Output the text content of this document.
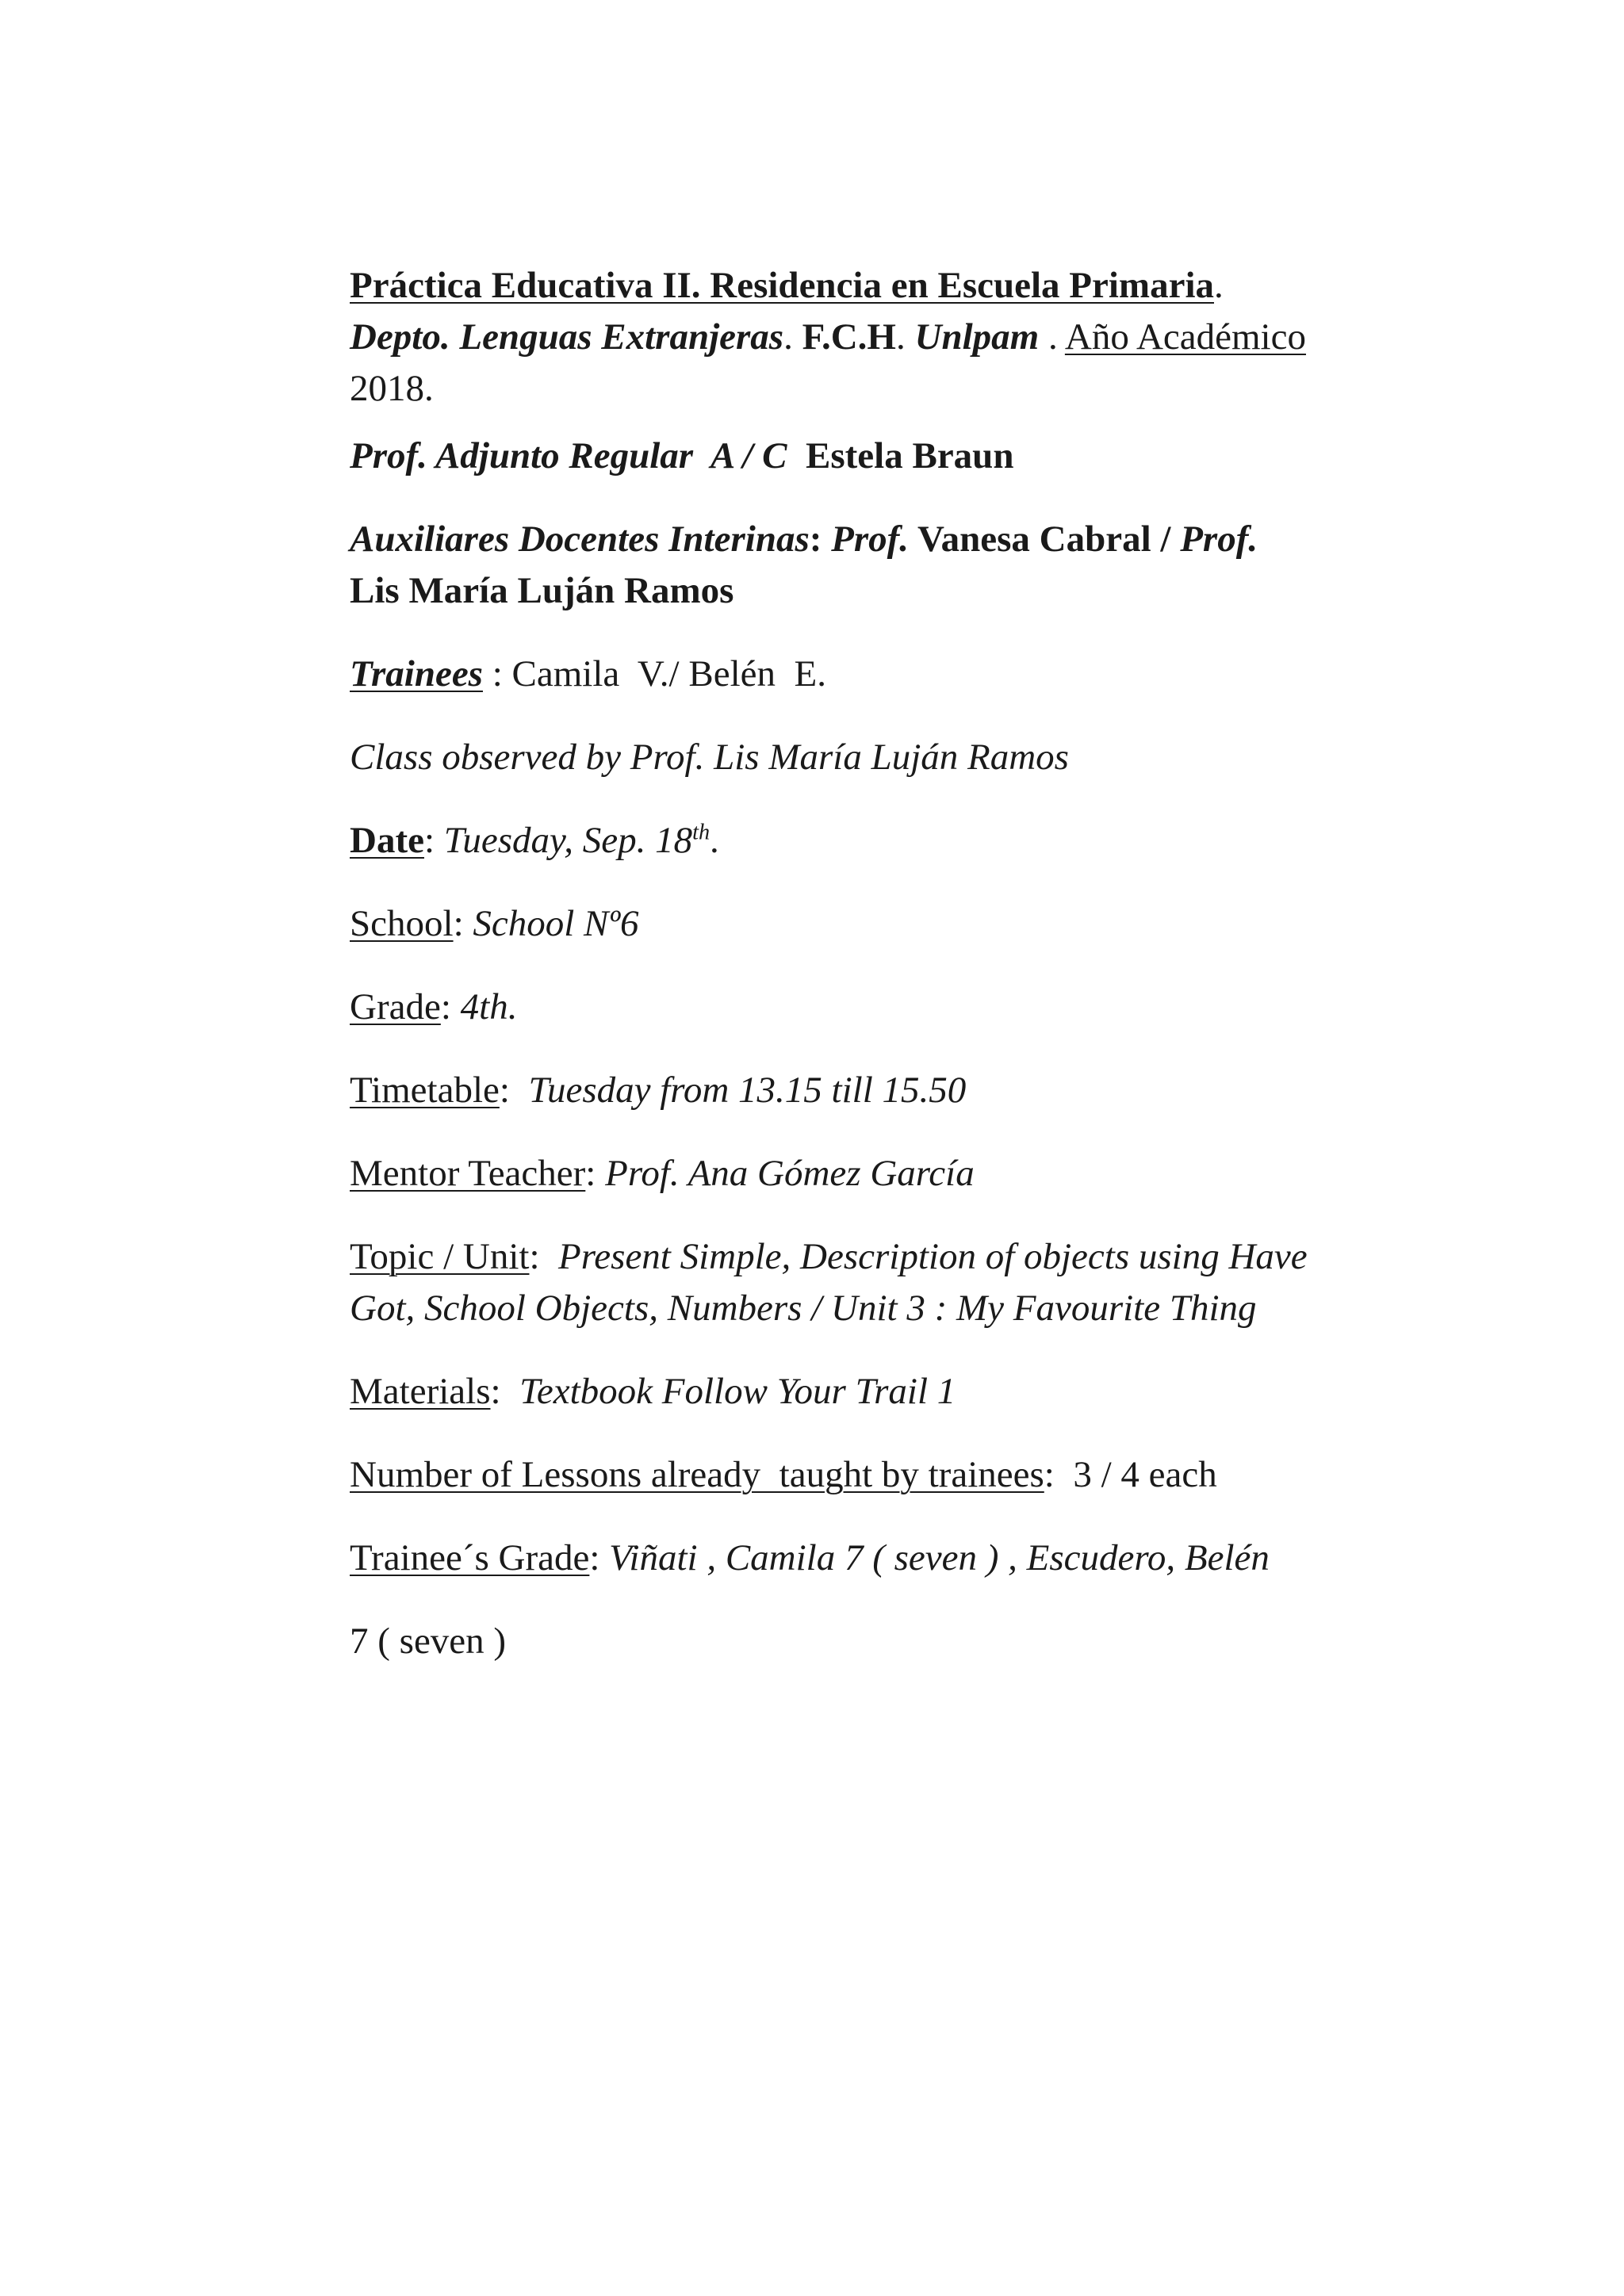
Práctica Educativa II. Residencia en Escuela Primaria.
Depto. Lenguas Extranjeras. F.C.H. Unlpam . Año Académico 2018.

Prof. Adjunto Regular  A / C  Estela Braun

Auxiliares Docentes Interinas: Prof. Vanesa Cabral / Prof.
Lis María Luján Ramos

Trainees : Camila  V./ Belén  E.

Class observed by Prof. Lis María Luján Ramos

Date: Tuesday, Sep. 18th.

School: School Nº6

Grade: 4th.

Timetable:  Tuesday from 13.15 till 15.50

Mentor Teacher: Prof. Ana Gómez García

Topic / Unit:  Present Simple, Description of objects using Have Got, School Objects, Numbers / Unit 3 : My Favourite Thing

Materials:  Textbook Follow Your Trail 1

Number of Lessons already  taught by trainees:  3 / 4 each

Trainee´s Grade: Viñati , Camila 7 ( seven ) , Escudero, Belén

7 ( seven )
